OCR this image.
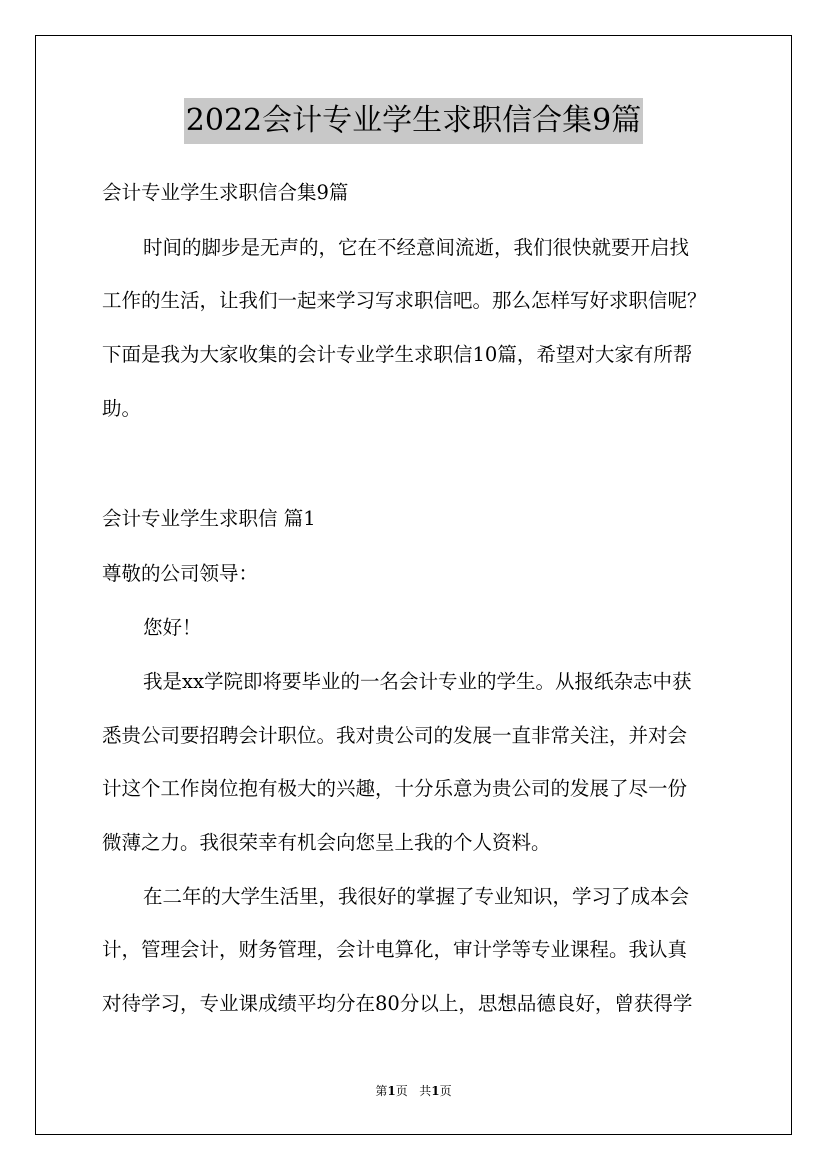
2022会计专业学生求职信合集9篇
会计专业学生求职信合集9篇
时间的脚步是无声的，它在不经意间流逝，我们很快就要开启找
工作的生活，让我们一起来学习写求职信吧。那么怎样写好求职信呢？
下面是我为大家收集的会计专业学生求职信10篇，希望对大家有所帮
助。
会计专业学生求职信 篇1
尊敬的公司领导：
您好！
我是xx学院即将要毕业的一名会计专业的学生。从报纸杂志中获
悉贵公司要招聘会计职位。我对贵公司的发展一直非常关注，并对会
计这个工作岗位抱有极大的兴趣，十分乐意为贵公司的发展了尽一份
微薄之力。我很荣幸有机会向您呈上我的个人资料。
在二年的大学生活里，我很好的掌握了专业知识，学习了成本会
计，管理会计，财务管理，会计电算化，审计学等专业课程。我认真
对待学习，专业课成绩平均分在80分以上，思想品德良好，曾获得学
第1页   共1页
